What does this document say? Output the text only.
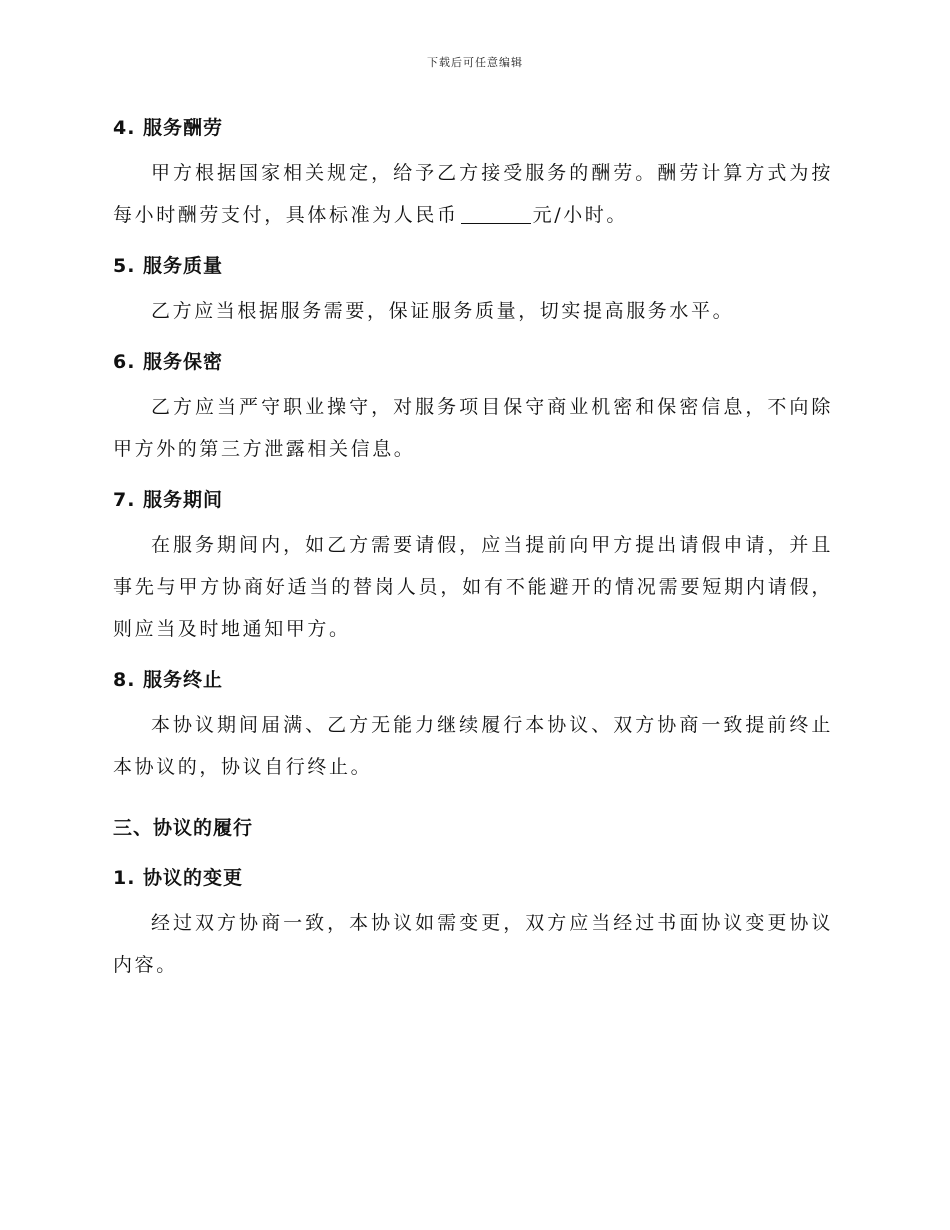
下载后可任意编辑
4. 服务酬劳

甲方根据国家相关规定，给予乙方接受服务的酬劳。酬劳计算方式为按每小时酬劳支付，具体标准为人民币	元/小时。

5. 服务质量

乙方应当根据服务需要，保证服务质量，切实提高服务水平。

6. 服务保密

乙方应当严守职业操守，对服务项目保守商业机密和保密信息，不向除甲方外的第三方泄露相关信息。

7. 服务期间

在服务期间内，如乙方需要请假，应当提前向甲方提出请假申请，并且事先与甲方协商好适当的替岗人员，如有不能避开的情况需要短期内请假，则应当及时地通知甲方。

8. 服务终止

本协议期间届满、乙方无能力继续履行本协议、双方协商一致提前终止本协议的，协议自行终止。

三、协议的履行
1. 协议的变更

经过双方协商一致，本协议如需变更，双方应当经过书面协议变更协议内容。
